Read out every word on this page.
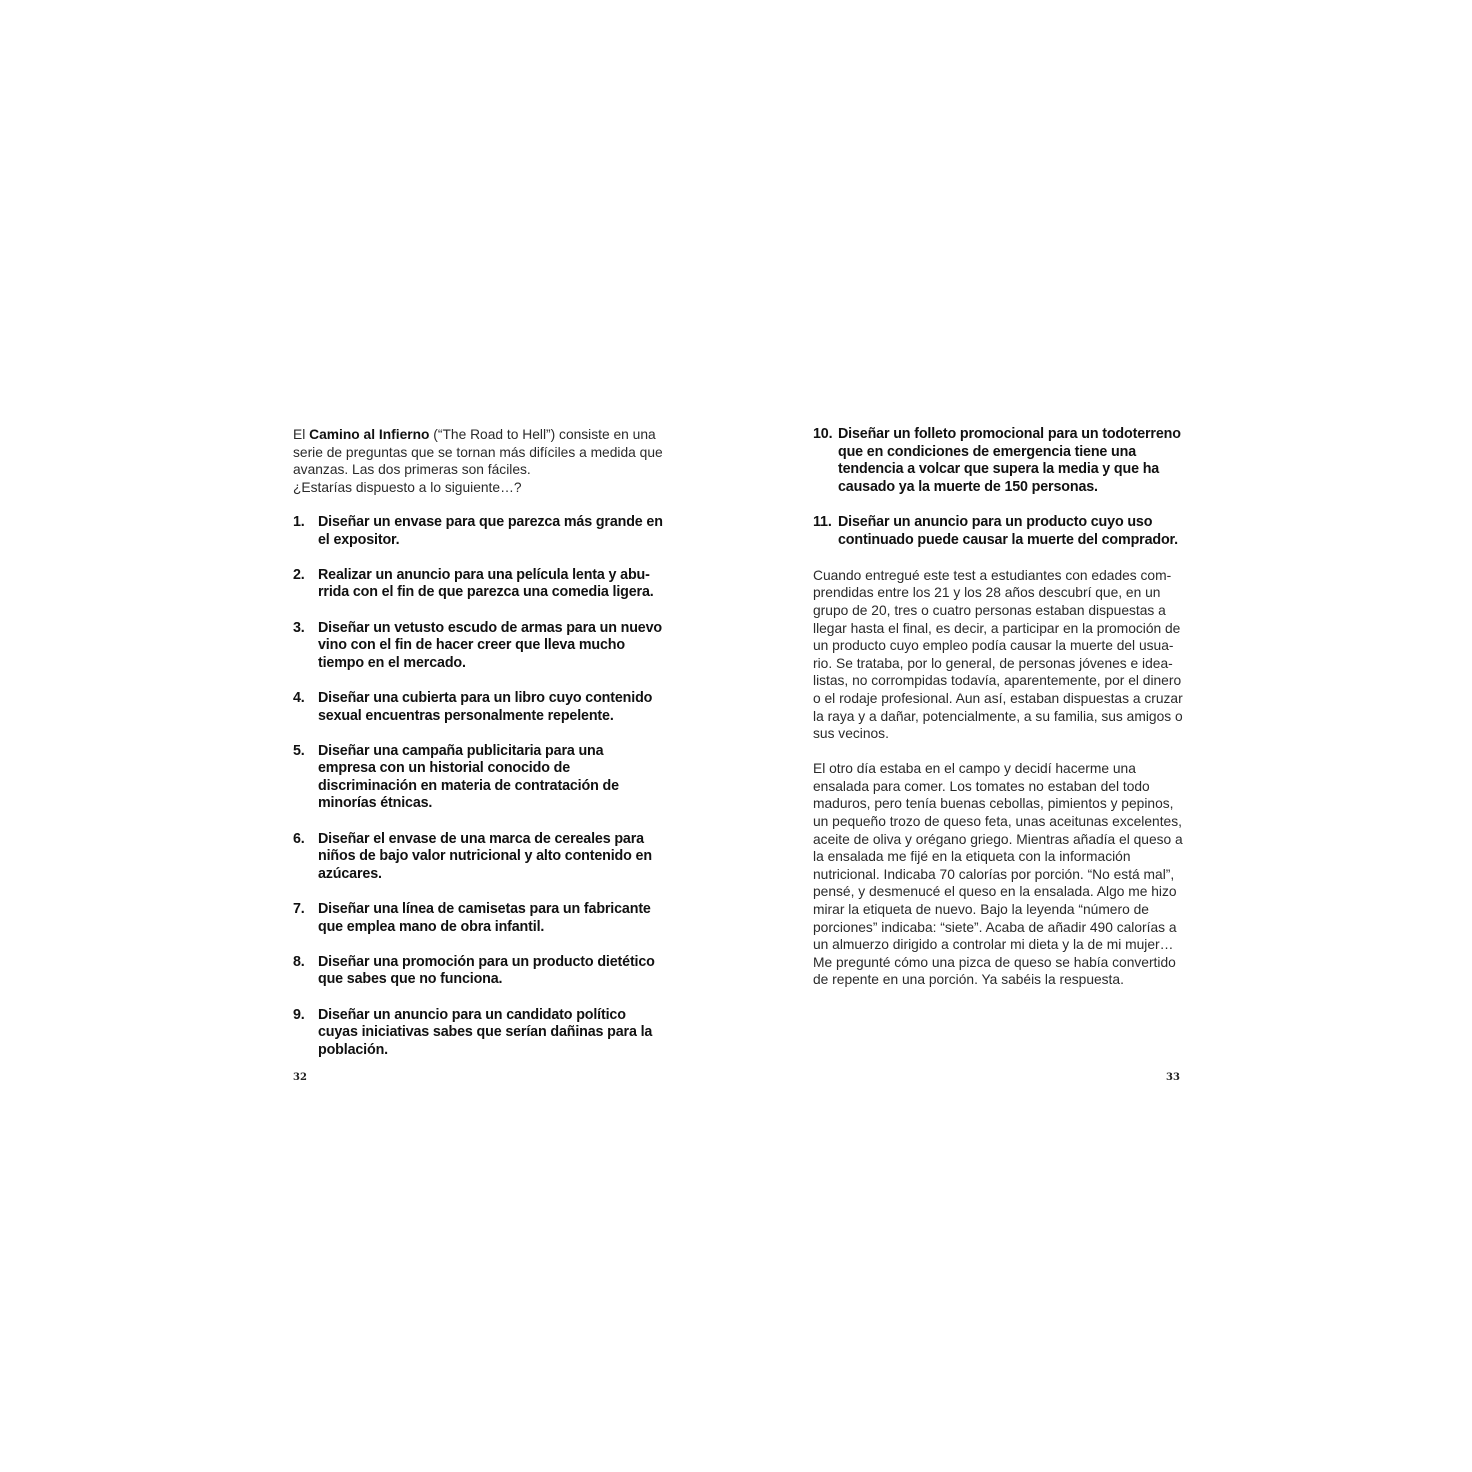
El Camino al Infierno (“The Road to Hell”) consiste en una
serie de preguntas que se tornan más difíciles a medida que
avanzas. Las dos primeras son fáciles.
¿Estarías dispuesto a lo siguiente…?

1. Diseñar un envase para que parezca más grande en el expositor.
2. Realizar un anuncio para una película lenta y aburrida con el fin de que parezca una comedia ligera.
3. Diseñar un vetusto escudo de armas para un nuevo vino con el fin de hacer creer que lleva mucho tiempo en el mercado.
4. Diseñar una cubierta para un libro cuyo contenido sexual encuentras personalmente repelente.
5. Diseñar una campaña publicitaria para una empresa con un historial conocido de discriminación en materia de contratación de minorías étnicas.
6. Diseñar el envase de una marca de cereales para niños de bajo valor nutricional y alto contenido en azúcares.
7. Diseñar una línea de camisetas para un fabricante que emplea mano de obra infantil.
8. Diseñar una promoción para un producto dietético que sabes que no funciona.
9. Diseñar un anuncio para un candidato político cuyas iniciativas sabes que serían dañinas para la población.
10. Diseñar un folleto promocional para un todoterreno que en condiciones de emergencia tiene una tendencia a volcar que supera la media y que ha causado ya la muerte de 150 personas.
11. Diseñar un anuncio para un producto cuyo uso continuado puede causar la muerte del comprador.

Cuando entregué este test a estudiantes con edades comprendidas entre los 21 y los 28 años descubrí que, en un grupo de 20, tres o cuatro personas estaban dispuestas a llegar hasta el final, es decir, a participar en la promoción de un producto cuyo empleo podía causar la muerte del usuario. Se trataba, por lo general, de personas jóvenes e idealistas, no corrompidas todavía, aparentemente, por el dinero o el rodaje profesional. Aun así, estaban dispuestas a cruzar la raya y a dañar, potencialmente, a su familia, sus amigos o sus vecinos.

El otro día estaba en el campo y decidí hacerme una ensalada para comer. Los tomates no estaban del todo maduros, pero tenía buenas cebollas, pimientos y pepinos, un pequeño trozo de queso feta, unas aceitunas excelentes, aceite de oliva y orégano griego. Mientras añadía el queso a la ensalada me fijé en la etiqueta con la información nutricional. Indicaba 70 calorías por porción. “No está mal”, pensé, y desmenucé el queso en la ensalada. Algo me hizo mirar la etiqueta de nuevo. Bajo la leyenda “número de porciones” indicaba: “siete”. Acaba de añadir 490 calorías a un almuerzo dirigido a controlar mi dieta y la de mi mujer… Me pregunté cómo una pizca de queso se había convertido de repente en una porción. Ya sabéis la respuesta.

32	33
